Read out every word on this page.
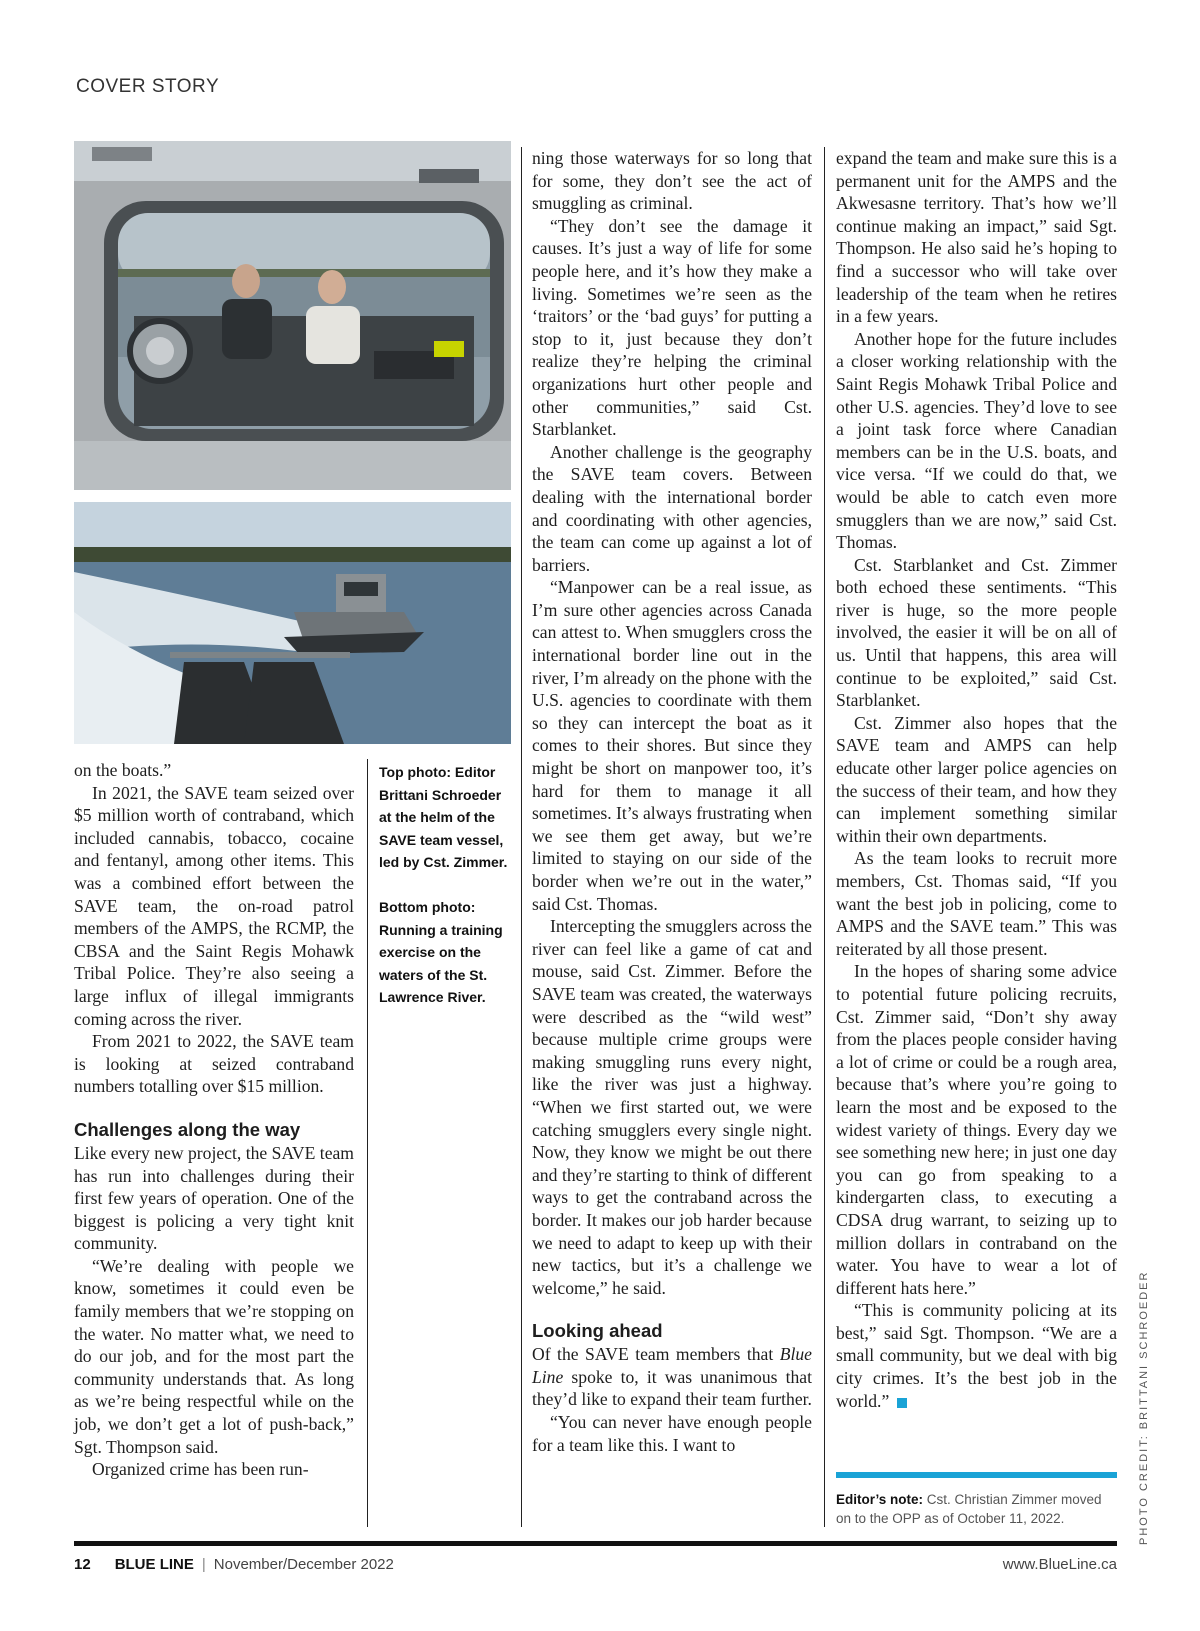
COVER STORY

on the boats.”

In 2021, the SAVE team seized over $5 million worth of contraband, which included cannabis, tobacco, cocaine and fentanyl, among other items. This was a combined effort between the SAVE team, the on-road patrol members of the AMPS, the RCMP, the CBSA and the Saint Regis Mohawk Tribal Police. They’re also seeing a large influx of illegal immigrants coming across the river.

From 2021 to 2022, the SAVE team is looking at seized contraband numbers totalling over $15 million.

Challenges along the way

Like every new project, the SAVE team has run into challenges during their first few years of operation. One of the biggest is policing a very tight knit community.

“We’re dealing with people we know, sometimes it could even be family members that we’re stopping on the water. No matter what, we need to do our job, and for the most part the community understands that. As long as we’re being respectful while on the job, we don’t get a lot of push-back,” Sgt. Thompson said.

Organized crime has been run-

Top photo: Editor Brittani Schroeder at the helm of the SAVE team vessel, led by Cst. Zimmer.

Bottom photo: Running a training exercise on the waters of the St. Lawrence River.

ning those waterways for so long that for some, they don’t see the act of smuggling as criminal.

“They don’t see the damage it causes. It’s just a way of life for some people here, and it’s how they make a living. Sometimes we’re seen as the ‘traitors’ or the ‘bad guys’ for putting a stop to it, just because they don’t realize they’re helping the criminal organizations hurt other people and other communities,” said Cst. Starblanket.

Another challenge is the geography the SAVE team covers. Between dealing with the international border and coordinating with other agencies, the team can come up against a lot of barriers.

“Manpower can be a real issue, as I’m sure other agencies across Canada can attest to. When smugglers cross the international border line out in the river, I’m already on the phone with the U.S. agencies to coordinate with them so they can intercept the boat as it comes to their shores. But since they might be short on manpower too, it’s hard for them to manage it all sometimes. It’s always frustrating when we see them get away, but we’re limited to staying on our side of the border when we’re out in the water,” said Cst. Thomas.

Intercepting the smugglers across the river can feel like a game of cat and mouse, said Cst. Zimmer. Before the SAVE team was created, the waterways were described as the “wild west” because multiple crime groups were making smuggling runs every night, like the river was just a highway. “When we first started out, we were catching smugglers every single night. Now, they know we might be out there and they’re starting to think of different ways to get the contraband across the border. It makes our job harder because we need to adapt to keep up with their new tactics, but it’s a challenge we welcome,” he said.

Looking ahead

Of the SAVE team members that Blue Line spoke to, it was unanimous that they’d like to expand their team further.

“You can never have enough people for a team like this. I want to

expand the team and make sure this is a permanent unit for the AMPS and the Akwesasne territory. That’s how we’ll continue making an impact,” said Sgt. Thompson. He also said he’s hoping to find a successor who will take over leadership of the team when he retires in a few years.

Another hope for the future includes a closer working relationship with the Saint Regis Mohawk Tribal Police and other U.S. agencies. They’d love to see a joint task force where Canadian members can be in the U.S. boats, and vice versa. “If we could do that, we would be able to catch even more smugglers than we are now,” said Cst. Thomas.

Cst. Starblanket and Cst. Zimmer both echoed these sentiments. “This river is huge, so the more people involved, the easier it will be on all of us. Until that happens, this area will continue to be exploited,” said Cst. Starblanket.

Cst. Zimmer also hopes that the SAVE team and AMPS can help educate other larger police agencies on the success of their team, and how they can implement something similar within their own departments.

As the team looks to recruit more members, Cst. Thomas said, “If you want the best job in policing, come to AMPS and the SAVE team.” This was reiterated by all those present.

In the hopes of sharing some advice to potential future policing recruits, Cst. Zimmer said, “Don’t shy away from the places people consider having a lot of crime or could be a rough area, because that’s where you’re going to learn the most and be exposed to the widest variety of things. Every day we see something new here; in just one day you can go from speaking to a kindergarten class, to executing a CDSA drug warrant, to seizing up to million dollars in contraband on the water. You have to wear a lot of different hats here.”

“This is community policing at its best,” said Sgt. Thompson. “We are a small community, but we deal with big city crimes. It’s the best job in the world.”

Editor’s note: Cst. Christian Zimmer moved on to the OPP as of October 11, 2022.	PHOTO CREDIT: BRITTANI SCHROEDER
12 BLUE LINE | November/December 2022	www.BlueLine.ca
